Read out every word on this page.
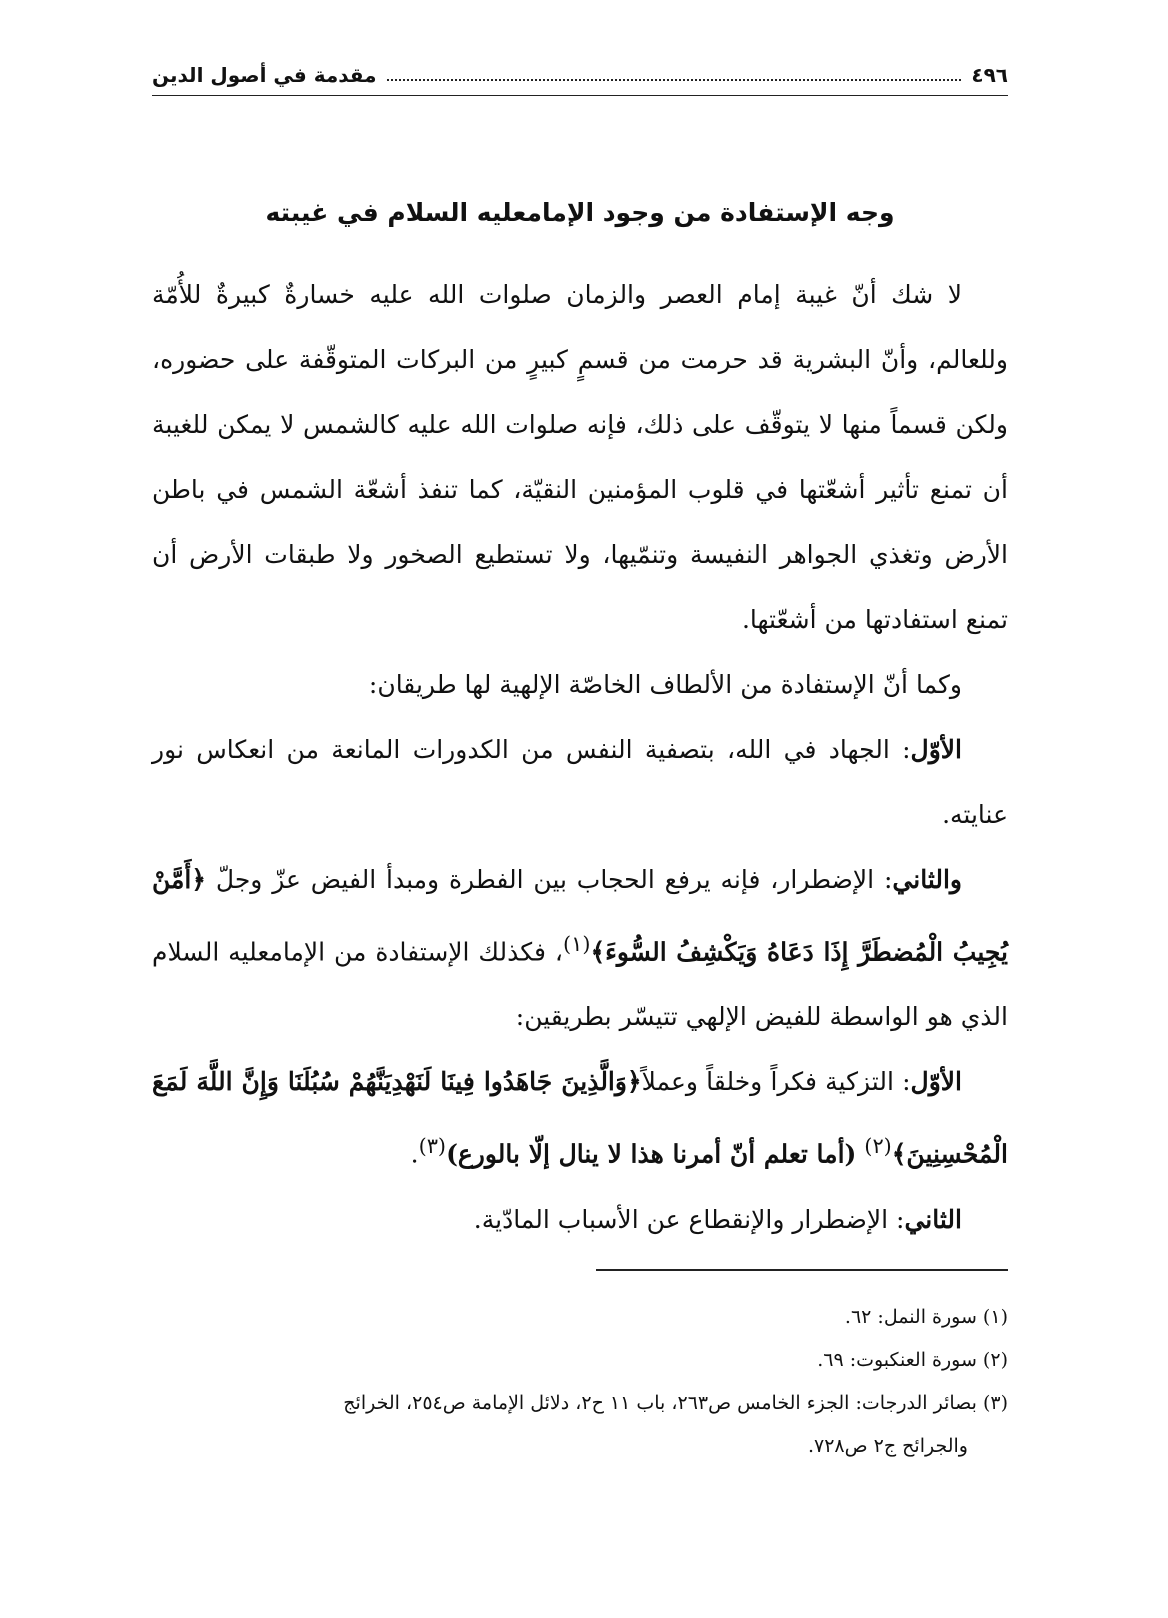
٤٩٦
مقدمة في أصول الدين
وجه الإستفادة من وجود الإمامعليه السلام في غيبته

لا شك أنّ غيبة إمام العصر والزمان صلوات الله عليه خسارةٌ كبيرةٌ للأُمّة وللعالم، وأنّ البشرية قد حرمت من قسمٍ كبيرٍ من البركات المتوقّفة على حضوره، ولكن قسماً منها لا يتوقّف على ذلك، فإنه صلوات الله عليه كالشمس لا يمكن للغيبة أن تمنع تأثير أشعّتها في قلوب المؤمنين النقيّة، كما تنفذ أشعّة الشمس في باطن الأرض وتغذي الجواهر النفيسة وتنمّيها، ولا تستطيع الصخور ولا طبقات الأرض أن تمنع استفادتها من أشعّتها.

وكما أنّ الإستفادة من الألطاف الخاصّة الإلهية لها طريقان:

الأوّل: الجهاد في الله، بتصفية النفس من الكدورات المانعة من انعكاس نور عنايته.

والثاني: الإضطرار، فإنه يرفع الحجاب بين الفطرة ومبدأ الفيض عزّ وجلّ ﴿أَمَّنْ يُجِيبُ الْمُضطَرَّ إِذَا دَعَاهُ وَيَكْشِفُ السُّوءَ﴾$^{(١)}$، فكذلك الإستفادة من الإمامعليه السلام الذي هو الواسطة للفيض الإلهي تتيسّر بطريقين:

الأوّل: التزكية فكراً وخلقاً وعملاً﴿وَالَّذِينَ جَاهَدُوا فِينَا لَنَهْدِيَنَّهُمْ سُبُلَنَا وَإِنَّ اللَّهَ لَمَعَ الْمُحْسِنِينَ﴾$^{(٢)}$ (أما تعلم أنّ أمرنا هذا لا ينال إلّا بالورع)$^{(٣)}$.

الثاني: الإضطرار والإنقطاع عن الأسباب المادّية.

(١) سورة النمل: ٦٢.

(٢) سورة العنكبوت: ٦٩.

(٣) بصائر الدرجات: الجزء الخامس ص٢٦٣، باب ١١ ح٢، دلائل الإمامة ص٢٥٤، الخرائج

والجرائح ج٢ ص٧٢٨.
